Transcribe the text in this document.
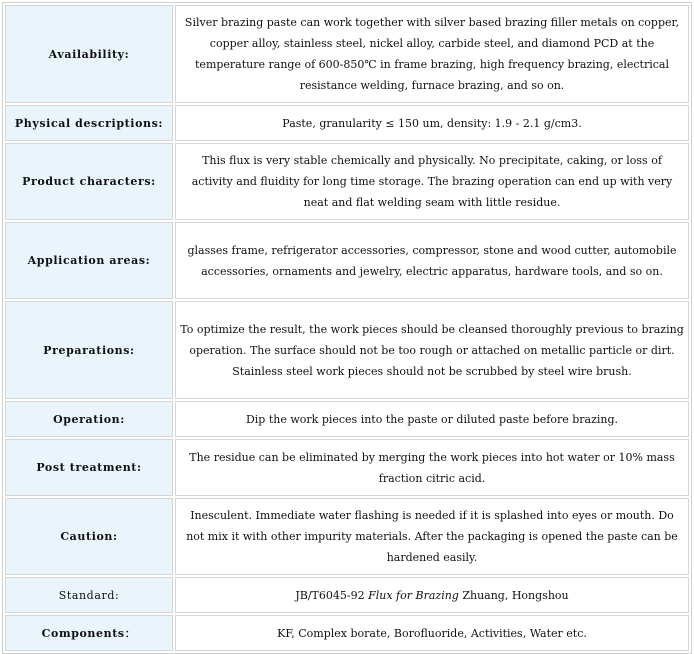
Availability:	Silver brazing paste can work together with silver based brazing filler metals on copper, copper alloy, stainless steel, nickel alloy, carbide steel, and diamond PCD at the temperature range of 600-850℃ in frame brazing, high frequency brazing, electrical resistance welding, furnace brazing, and so on.
Physical descriptions:	Paste, granularity ≤ 150 um, density: 1.9 - 2.1 g/cm3.
Product characters:	This flux is very stable chemically and physically. No precipitate, caking, or loss of activity and fluidity for long time storage. The brazing operation can end up with very neat and flat welding seam with little residue.
Application areas:	glasses frame, refrigerator accessories, compressor, stone and wood cutter, automobile accessories, ornaments and jewelry, electric apparatus, hardware tools, and so on.
Preparations:	To optimize the result, the work pieces should be cleansed thoroughly previous to brazing operation. The surface should not be too rough or attached on metallic particle or dirt. Stainless steel work pieces should not be scrubbed by steel wire brush.
Operation:	Dip the work pieces into the paste or diluted paste before brazing.
Post treatment:	The residue can be eliminated by merging the work pieces into hot water or 10% mass fraction citric acid.
Caution:	Inesculent. Immediate water flashing is needed if it is splashed into eyes or mouth. Do not mix it with other impurity materials. After the packaging is opened the paste can be hardened easily.
Standard:	JB/T6045-92 Flux for Brazing Zhuang, Hongshou
Components：	KF, Complex borate, Borofluoride, Activities, Water etc.
